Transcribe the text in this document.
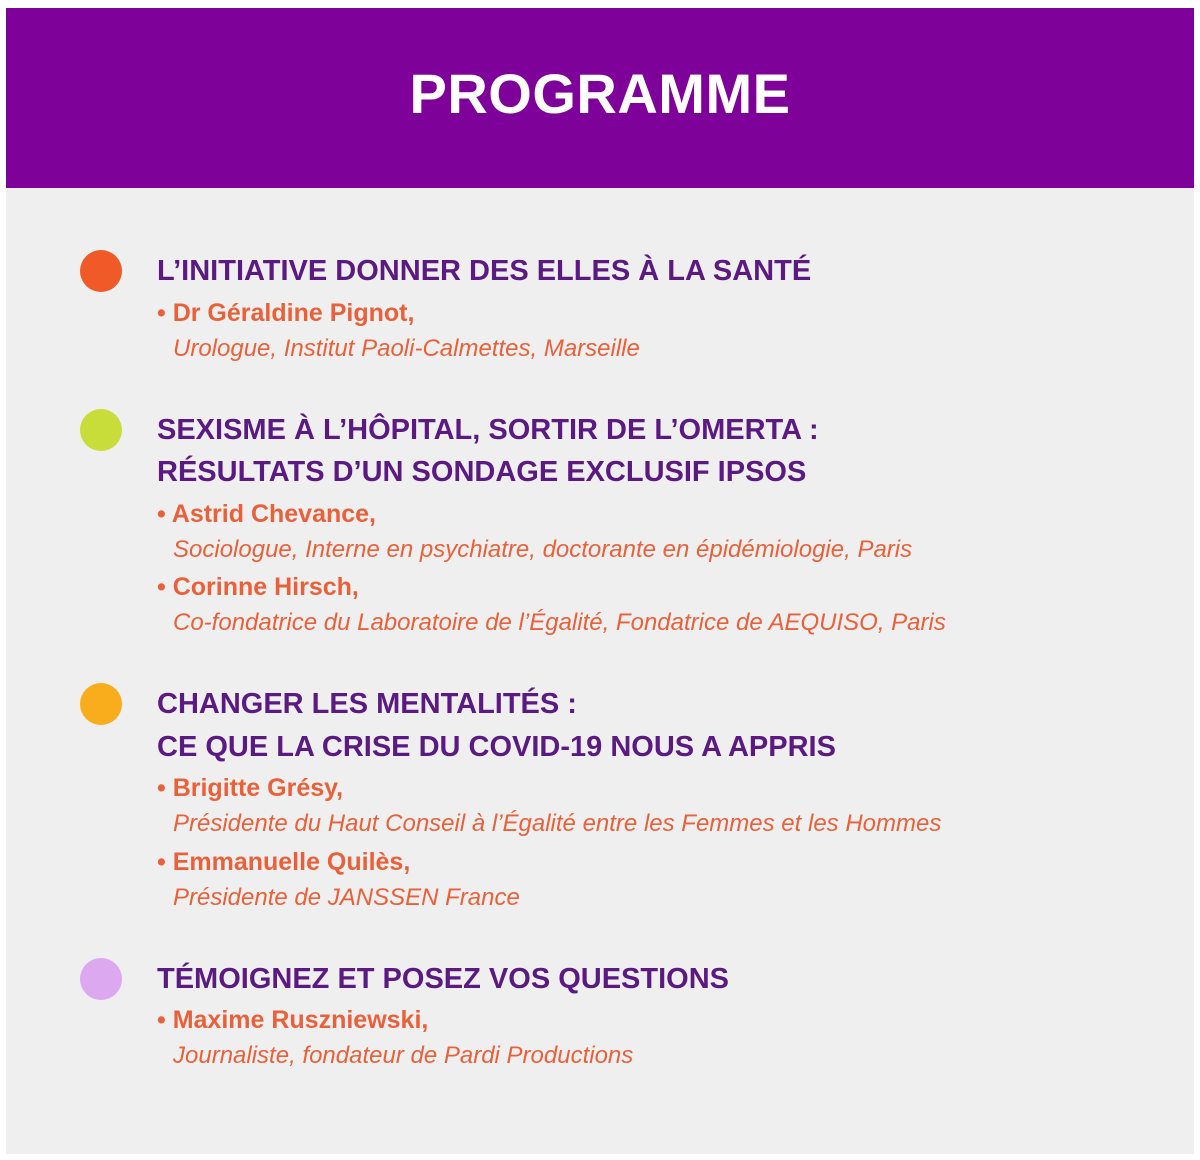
PROGRAMME
L’INITIATIVE DONNER DES ELLES À LA SANTÉ
• Dr Géraldine Pignot,
Urologue, Institut Paoli-Calmettes, Marseille
SEXISME À L’HÔPITAL, SORTIR DE L’OMERTA :
RÉSULTATS D’UN SONDAGE EXCLUSIF IPSOS
• Astrid Chevance,
Sociologue, Interne en psychiatre, doctorante en épidémiologie, Paris
• Corinne Hirsch,
Co-fondatrice du Laboratoire de l’Égalité, Fondatrice de AEQUISO, Paris
CHANGER LES MENTALITÉS :
CE QUE LA CRISE DU COVID-19 NOUS A APPRIS
• Brigitte Grésy,
Présidente du Haut Conseil à l’Égalité entre les Femmes et les Hommes
• Emmanuelle Quilès,
Présidente de JANSSEN France
TÉMOIGNEZ ET POSEZ VOS QUESTIONS
• Maxime Ruszniewski,
Journaliste, fondateur de Pardi Productions
